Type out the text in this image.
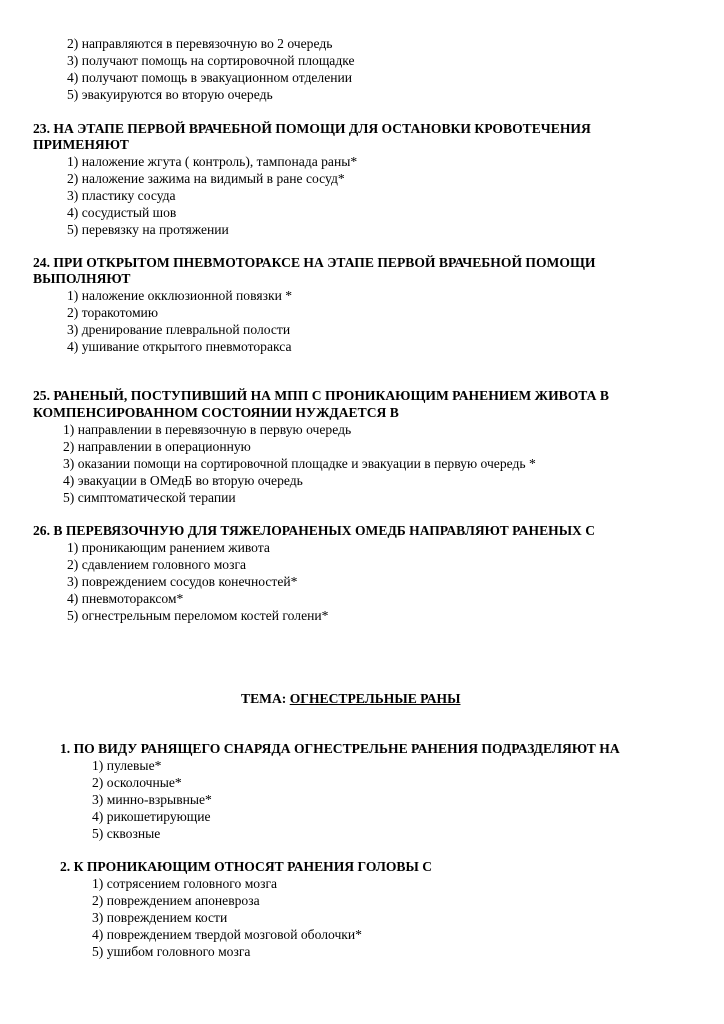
2) направляются в перевязочную во 2 очередь
3) получают помощь на сортировочной площадке
4) получают помощь в эвакуационном отделении
5) эвакуируются во вторую очередь
23. НА ЭТАПЕ ПЕРВОЙ ВРАЧЕБНОЙ ПОМОЩИ ДЛЯ ОСТАНОВКИ КРОВОТЕЧЕНИЯ
ПРИМЕНЯЮТ
1) наложение жгута ( контроль), тампонада раны*
2) наложение зажима на видимый в ране сосуд*
3) пластику сосуда
4) сосудистый шов
5) перевязку на протяжении
24. ПРИ ОТКРЫТОМ ПНЕВМОТОРАКСЕ НА ЭТАПЕ ПЕРВОЙ ВРАЧЕБНОЙ ПОМОЩИ
ВЫПОЛНЯЮТ
1) наложение окклюзионной повязки *
2) торакотомию
3) дренирование плевральной полости
4) ушивание открытого пневмоторакса
25. РАНЕНЫЙ, ПОСТУПИВШИЙ НА МПП С ПРОНИКАЮЩИМ РАНЕНИЕМ ЖИВОТА В
КОМПЕНСИРОВАННОМ СОСТОЯНИИ НУЖДАЕТСЯ В
1) направлении в перевязочную в первую очередь
2) направлении в операционную
3) оказании помощи на сортировочной площадке и эвакуации в первую очередь *
4) эвакуации в ОМедБ во вторую очередь
5) симптоматической терапии
26. В ПЕРЕВЯЗОЧНУЮ ДЛЯ ТЯЖЕЛОРАНЕНЫХ ОМЕДБ НАПРАВЛЯЮТ РАНЕНЫХ С
1) проникающим ранением живота
2) сдавлением головного мозга
3) повреждением сосудов конечностей*
4) пневмотораксом*
5) огнестрельным переломом костей голени*
ТЕМА: ОГНЕСТРЕЛЬНЫЕ РАНЫ
1. ПО ВИДУ РАНЯЩЕГО СНАРЯДА ОГНЕСТРЕЛЬНЕ РАНЕНИЯ ПОДРАЗДЕЛЯЮТ НА
1) пулевые*
2) осколочные*
3) минно-взрывные*
4) рикошетирующие
5) сквозные
2. К ПРОНИКАЮЩИМ ОТНОСЯТ РАНЕНИЯ ГОЛОВЫ С
1) сотрясением головного мозга
2) повреждением апоневроза
3) повреждением кости
4) повреждением твердой мозговой оболочки*
5) ушибом головного мозга
